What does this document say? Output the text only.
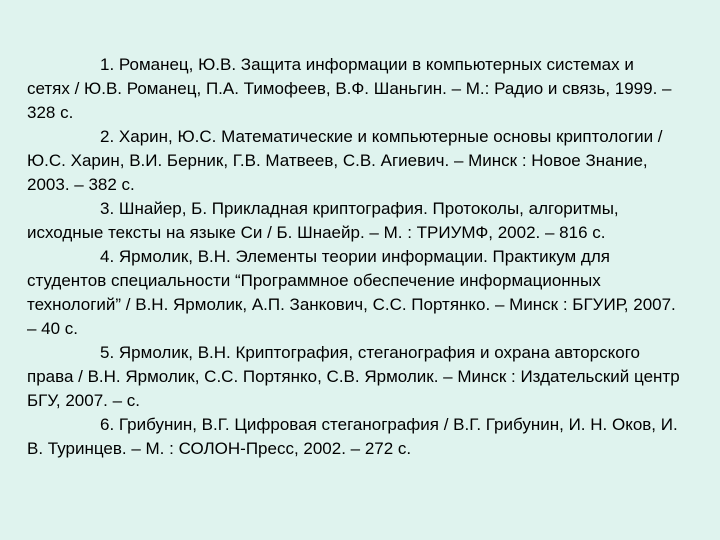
1. Романец, Ю.В. Защита информации в компьютерных системах и сетях / Ю.В. Романец, П.А. Тимофеев, В.Ф. Шаньгин. – М.: Радио и связь, 1999. – 328 с.

2. Харин, Ю.С. Математические и компьютерные основы криптологии / Ю.С. Харин, В.И. Берник, Г.В. Матвеев, С.В. Агиевич. – Минск : Новое Знание, 2003. – 382 с.

3. Шнайер, Б. Прикладная криптография. Протоколы, алгоритмы, исходные тексты на языке Си / Б. Шнаейр. – М. : ТРИУМФ, 2002. – 816 с.

4. Ярмолик, В.Н. Элементы теории информации. Практикум для студентов специальности “Программное обеспечение информационных технологий” / В.Н. Ярмолик, А.П. Занкович, С.С. Портянко. – Минск : БГУИР, 2007. – 40 с.

5. Ярмолик, В.Н. Криптография, стеганография и охрана авторского права / В.Н. Ярмолик, С.С. Портянко, С.В. Ярмолик. – Минск : Издательский центр БГУ, 2007. – с.

6. Грибунин, В.Г. Цифровая стеганография / В.Г. Грибунин, И. Н. Оков, И. В. Туринцев. – М. : СОЛОН-Пресс, 2002. – 272 с.
